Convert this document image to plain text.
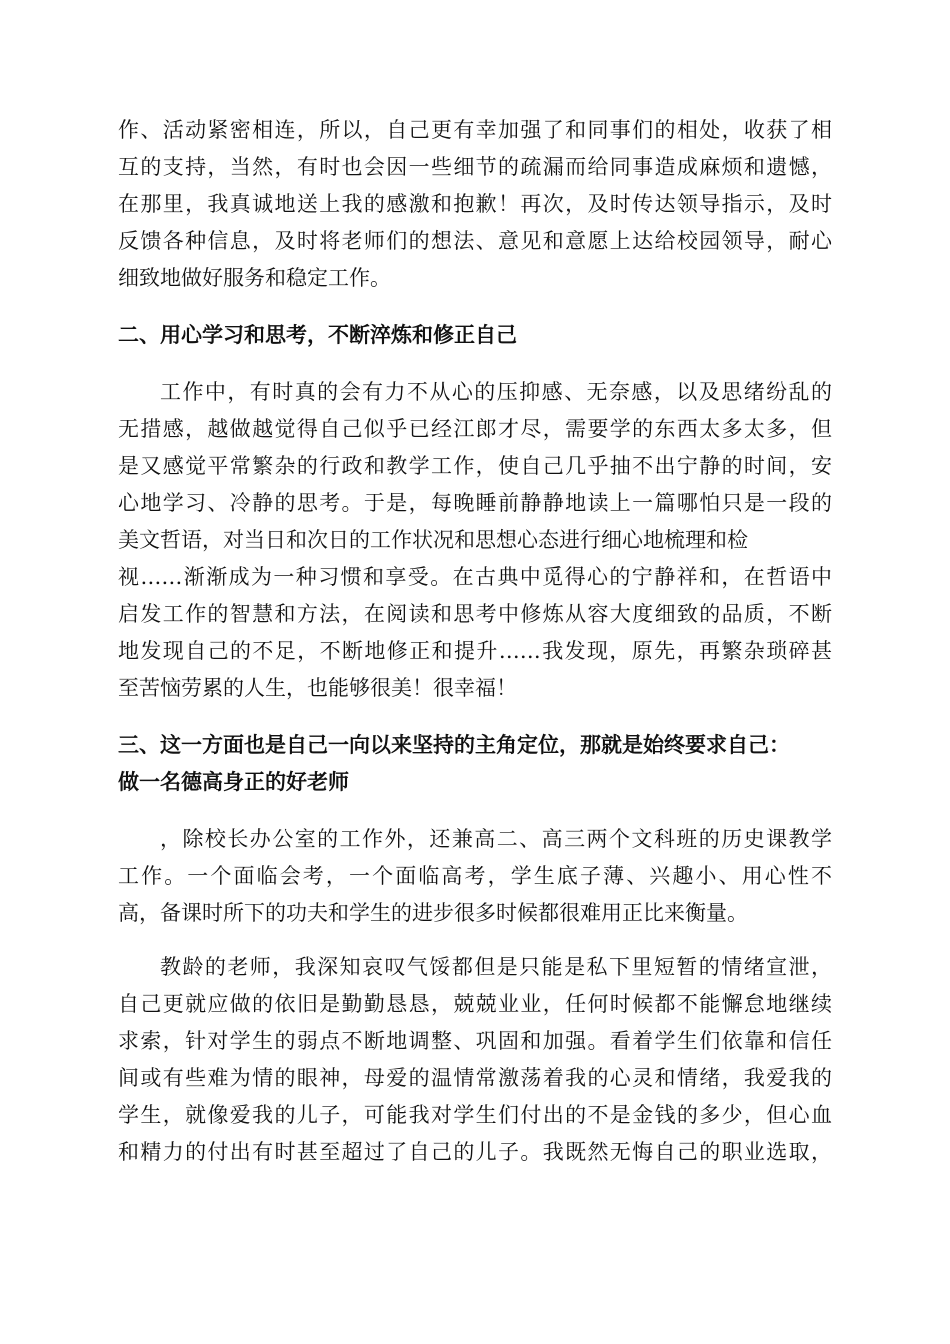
作、活动紧密相连，所以，自己更有幸加强了和同事们的相处，收获了相
互的支持，当然，有时也会因一些细节的疏漏而给同事造成麻烦和遗憾，
在那里，我真诚地送上我的感激和抱歉！再次，及时传达领导指示，及时
反馈各种信息，及时将老师们的想法、意见和意愿上达给校园领导，耐心
细致地做好服务和稳定工作。
二、用心学习和思考，不断淬炼和修正自己
工作中，有时真的会有力不从心的压抑感、无奈感，以及思绪纷乱的
无措感，越做越觉得自己似乎已经江郎才尽，需要学的东西太多太多，但
是又感觉平常繁杂的行政和教学工作，使自己几乎抽不出宁静的时间，安
心地学习、冷静的思考。于是，每晚睡前静静地读上一篇哪怕只是一段的
美文哲语，对当日和次日的工作状况和思想心态进行细心地梳理和检
视……渐渐成为一种习惯和享受。在古典中觅得心的宁静祥和，在哲语中
启发工作的智慧和方法，在阅读和思考中修炼从容大度细致的品质，不断
地发现自己的不足，不断地修正和提升……我发现，原先，再繁杂琐碎甚
至苦恼劳累的人生，也能够很美！很幸福！
三、这一方面也是自己一向以来坚持的主角定位，那就是始终要求自己：
做一名德高身正的好老师
，除校长办公室的工作外，还兼高二、高三两个文科班的历史课教学
工作。一个面临会考，一个面临高考，学生底子薄、兴趣小、用心性不
高，备课时所下的功夫和学生的进步很多时候都很难用正比来衡量。
教龄的老师，我深知哀叹气馁都但是只能是私下里短暂的情绪宣泄，
自己更就应做的依旧是勤勤恳恳，兢兢业业，任何时候都不能懈怠地继续
求索，针对学生的弱点不断地调整、巩固和加强。看着学生们依靠和信任
间或有些难为情的眼神，母爱的温情常激荡着我的心灵和情绪，我爱我的
学生，就像爱我的儿子，可能我对学生们付出的不是金钱的多少，但心血
和精力的付出有时甚至超过了自己的儿子。我既然无悔自己的职业选取，
